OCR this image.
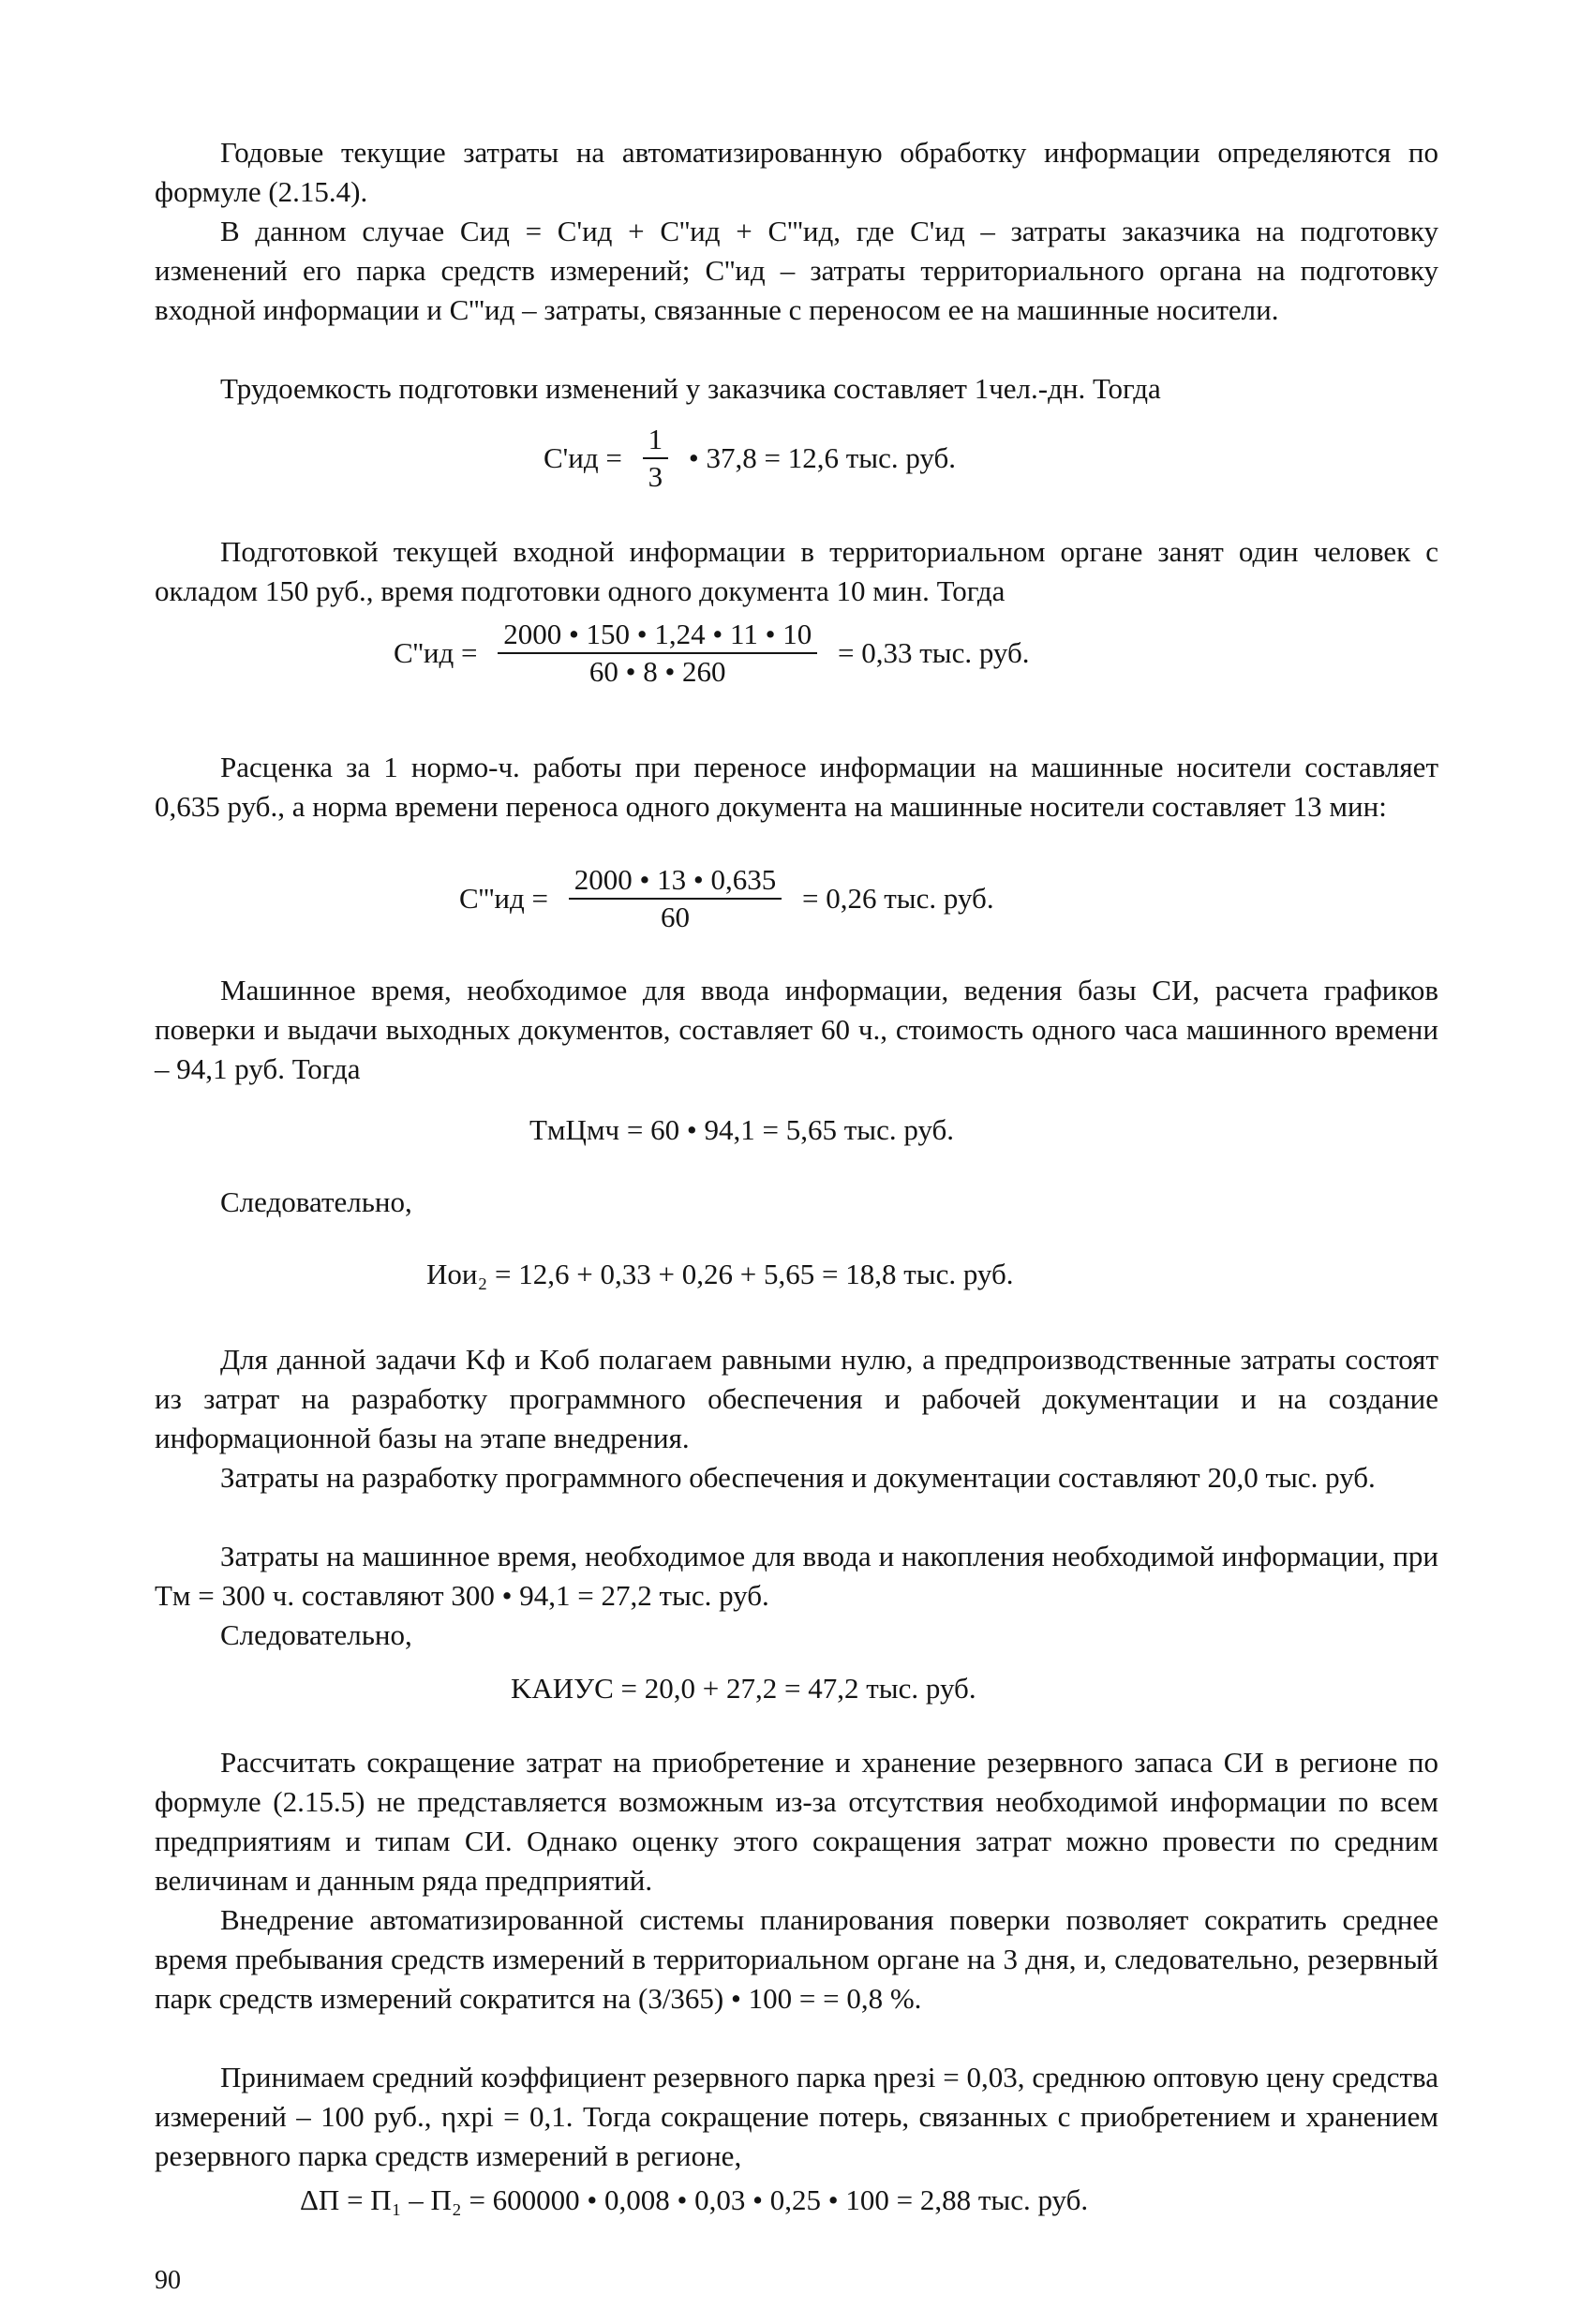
Годовые текущие затраты на автоматизированную обработку информации определяются по формуле (2.15.4).

В данном случае Cид = C'ид + C''ид + C'''ид, где C'ид – затраты заказчика на подготовку изменений его парка средств измерений; C''ид – затраты территориального органа на подготовку входной информации и C'''ид – затраты, связанные с переносом ее на машинные носители.

Трудоемкость подготовки изменений у заказчика составляет 1чел.-дн. Тогда

$C'ид = \frac{1}{3}$ • 37,8 = 12,6 тыс. руб.

Подготовкой текущей входной информации в территориальном органе занят один человек с окладом 150 руб., время подготовки одного документа 10 мин. Тогда

$C''ид = \frac{2000 • 150 • 1,24 • 11 • 10}{60 • 8 • 260} = 0,33$ тыс. руб.

Расценка за 1 нормо-ч. работы при переносе информации на машинные носители составляет 0,635 руб., а норма времени переноса одного документа на машинные носители составляет 13 мин:

$C'''ид = \frac{2000 • 13 • 0,635}{60} = 0,26$ тыс. руб.

Машинное время, необходимое для ввода информации, ведения базы СИ, расчета графиков поверки и выдачи выходных документов, составляет 60 ч., стоимость одного часа машинного времени – 94,1 руб. Тогда

TмЦмч = 60 • 94,1 = 5,65 тыс. руб.

Следовательно,

Иои₂ = 12,6 + 0,33 + 0,26 + 5,65 = 18,8 тыс. руб.

Для данной задачи Kф и Kоб полагаем равными нулю, а предпроизводственные затраты состоят из затрат на разработку программного обеспечения и рабочей документации и на создание информационной базы на этапе внедрения.

Затраты на разработку программного обеспечения и документации составляют 20,0 тыс. руб.

Затраты на машинное время, необходимое для ввода и накопления необходимой информации, при Tм = 300 ч. составляют 300 • 94,1 = 27,2 тыс. руб.

Следовательно,

KАИУС = 20,0 + 27,2 = 47,2 тыс. руб.

Рассчитать сокращение затрат на приобретение и хранение резервного запаса СИ в регионе по формуле (2.15.5) не представляется возможным из-за отсутствия необходимой информации по всем предприятиям и типам СИ. Однако оценку этого сокращения затрат можно провести по средним величинам и данным ряда предприятий.

Внедрение автоматизированной системы планирования поверки позволяет сократить среднее время пребывания средств измерений в территориальном органе на 3 дня, и, следовательно, резервный парк средств измерений сократится на (3/365) • 100 = = 0,8 %.

Принимаем средний коэффициент резервного парка ηрезi = 0,03, среднюю оптовую цену средства измерений – 100 руб., ηxpi = 0,1. Тогда сокращение потерь, связанных с приобретением и хранением резервного парка средств измерений в регионе,

ΔП = П₁ – П₂ = 600000 • 0,008 • 0,03 • 0,25 • 100 = 2,88 тыс. руб.
90
